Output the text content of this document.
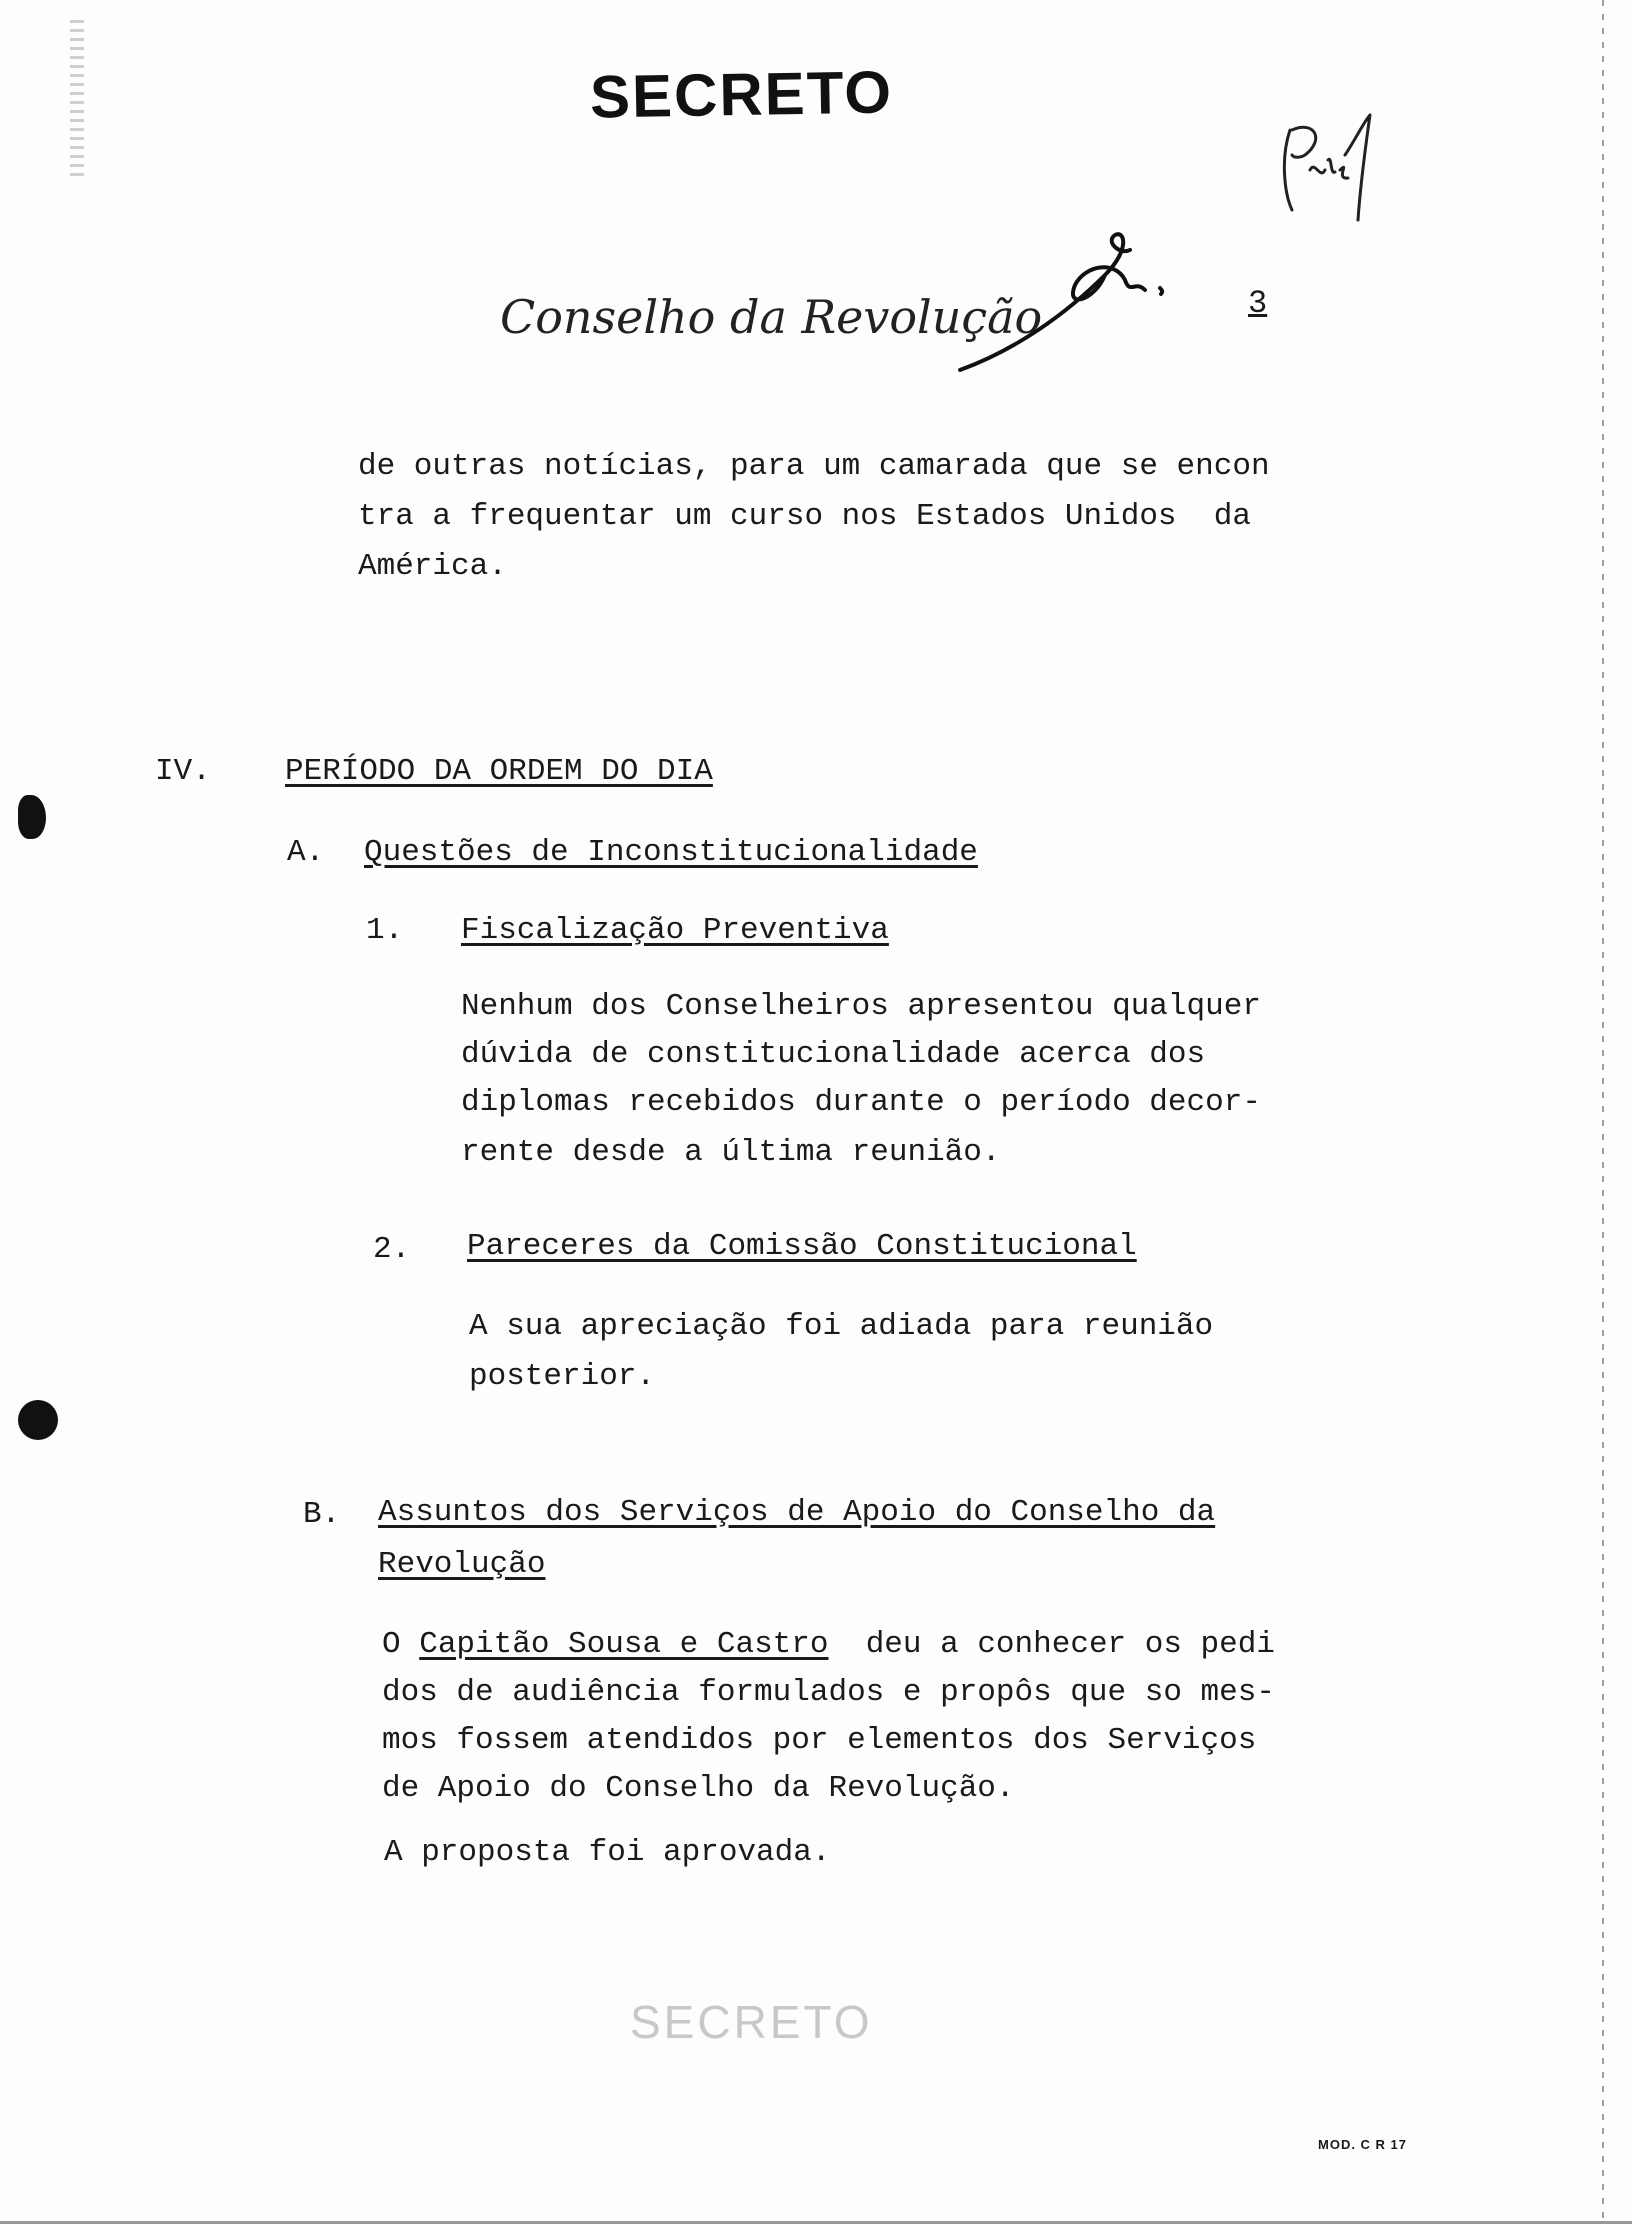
SECRETO
Conselho da Revolução	3
de outras notícias, para um camarada que se encon
tra a frequentar um curso nos Estados Unidos  da
América.
IV. PERÍODO DA ORDEM DO DIA
A. Questões de Inconstitucionalidade
1. Fiscalização Preventiva
Nenhum dos Conselheiros apresentou qualquer
dúvida de constitucionalidade acerca dos
diplomas recebidos durante o período decor-
rente desde a última reunião.
2. Pareceres da Comissão Constitucional
A sua apreciação foi adiada para reunião
posterior.
B. Assuntos dos Serviços de Apoio do Conselho da
Revolução
O Capitão Sousa e Castro  deu a conhecer os pedi
dos de audiência formulados e propôs que so mes-
mos fossem atendidos por elementos dos Serviços
de Apoio do Conselho da Revolução.
A proposta foi aprovada.
SECRETO
MOD. C R 17
